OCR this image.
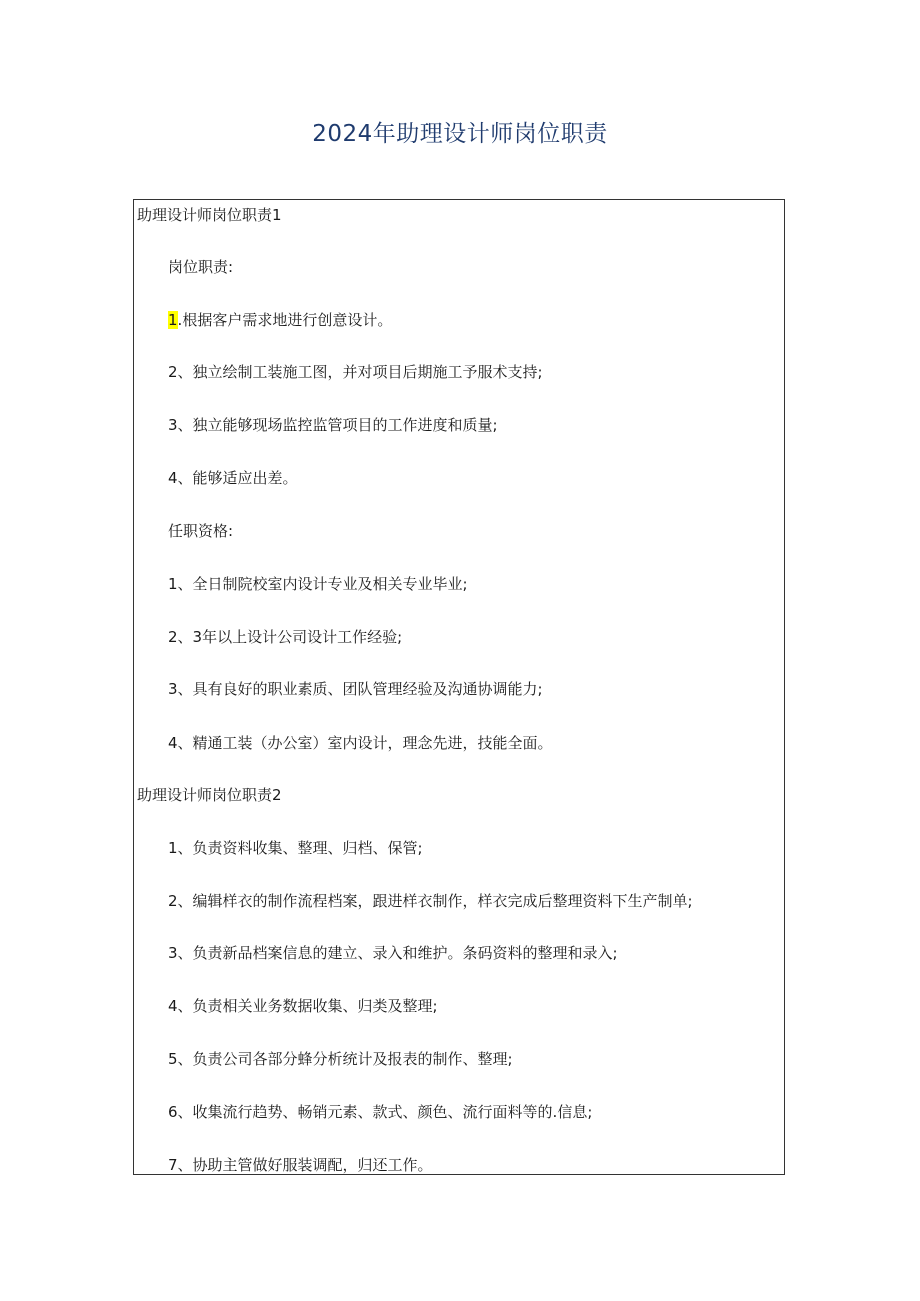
2024年助理设计师岗位职责
助理设计师岗位职责1
岗位职责:
1.根据客户需求地进行创意设计。
2、独立绘制工装施工图，并对项目后期施工予服术支持;
3、独立能够现场监控监管项目的工作进度和质量;
4、能够适应出差。
任职资格:
1、全日制院校室内设计专业及相关专业毕业;
2、3年以上设计公司设计工作经验;
3、具有良好的职业素质、团队管理经验及沟通协调能力;
4、精通工装（办公室）室内设计，理念先进，技能全面。
助理设计师岗位职责2
1、负责资料收集、整理、归档、保管;
2、编辑样衣的制作流程档案，跟进样衣制作，样衣完成后整理资料下生产制单;
3、负责新品档案信息的建立、录入和维护。条码资料的整理和录入;
4、负责相关业务数据收集、归类及整理;
5、负责公司各部分蜂分析统计及报表的制作、整理;
6、收集流行趋势、畅销元素、款式、颜色、流行面料等的.信息;
7、协助主管做好服装调配，归还工作。
